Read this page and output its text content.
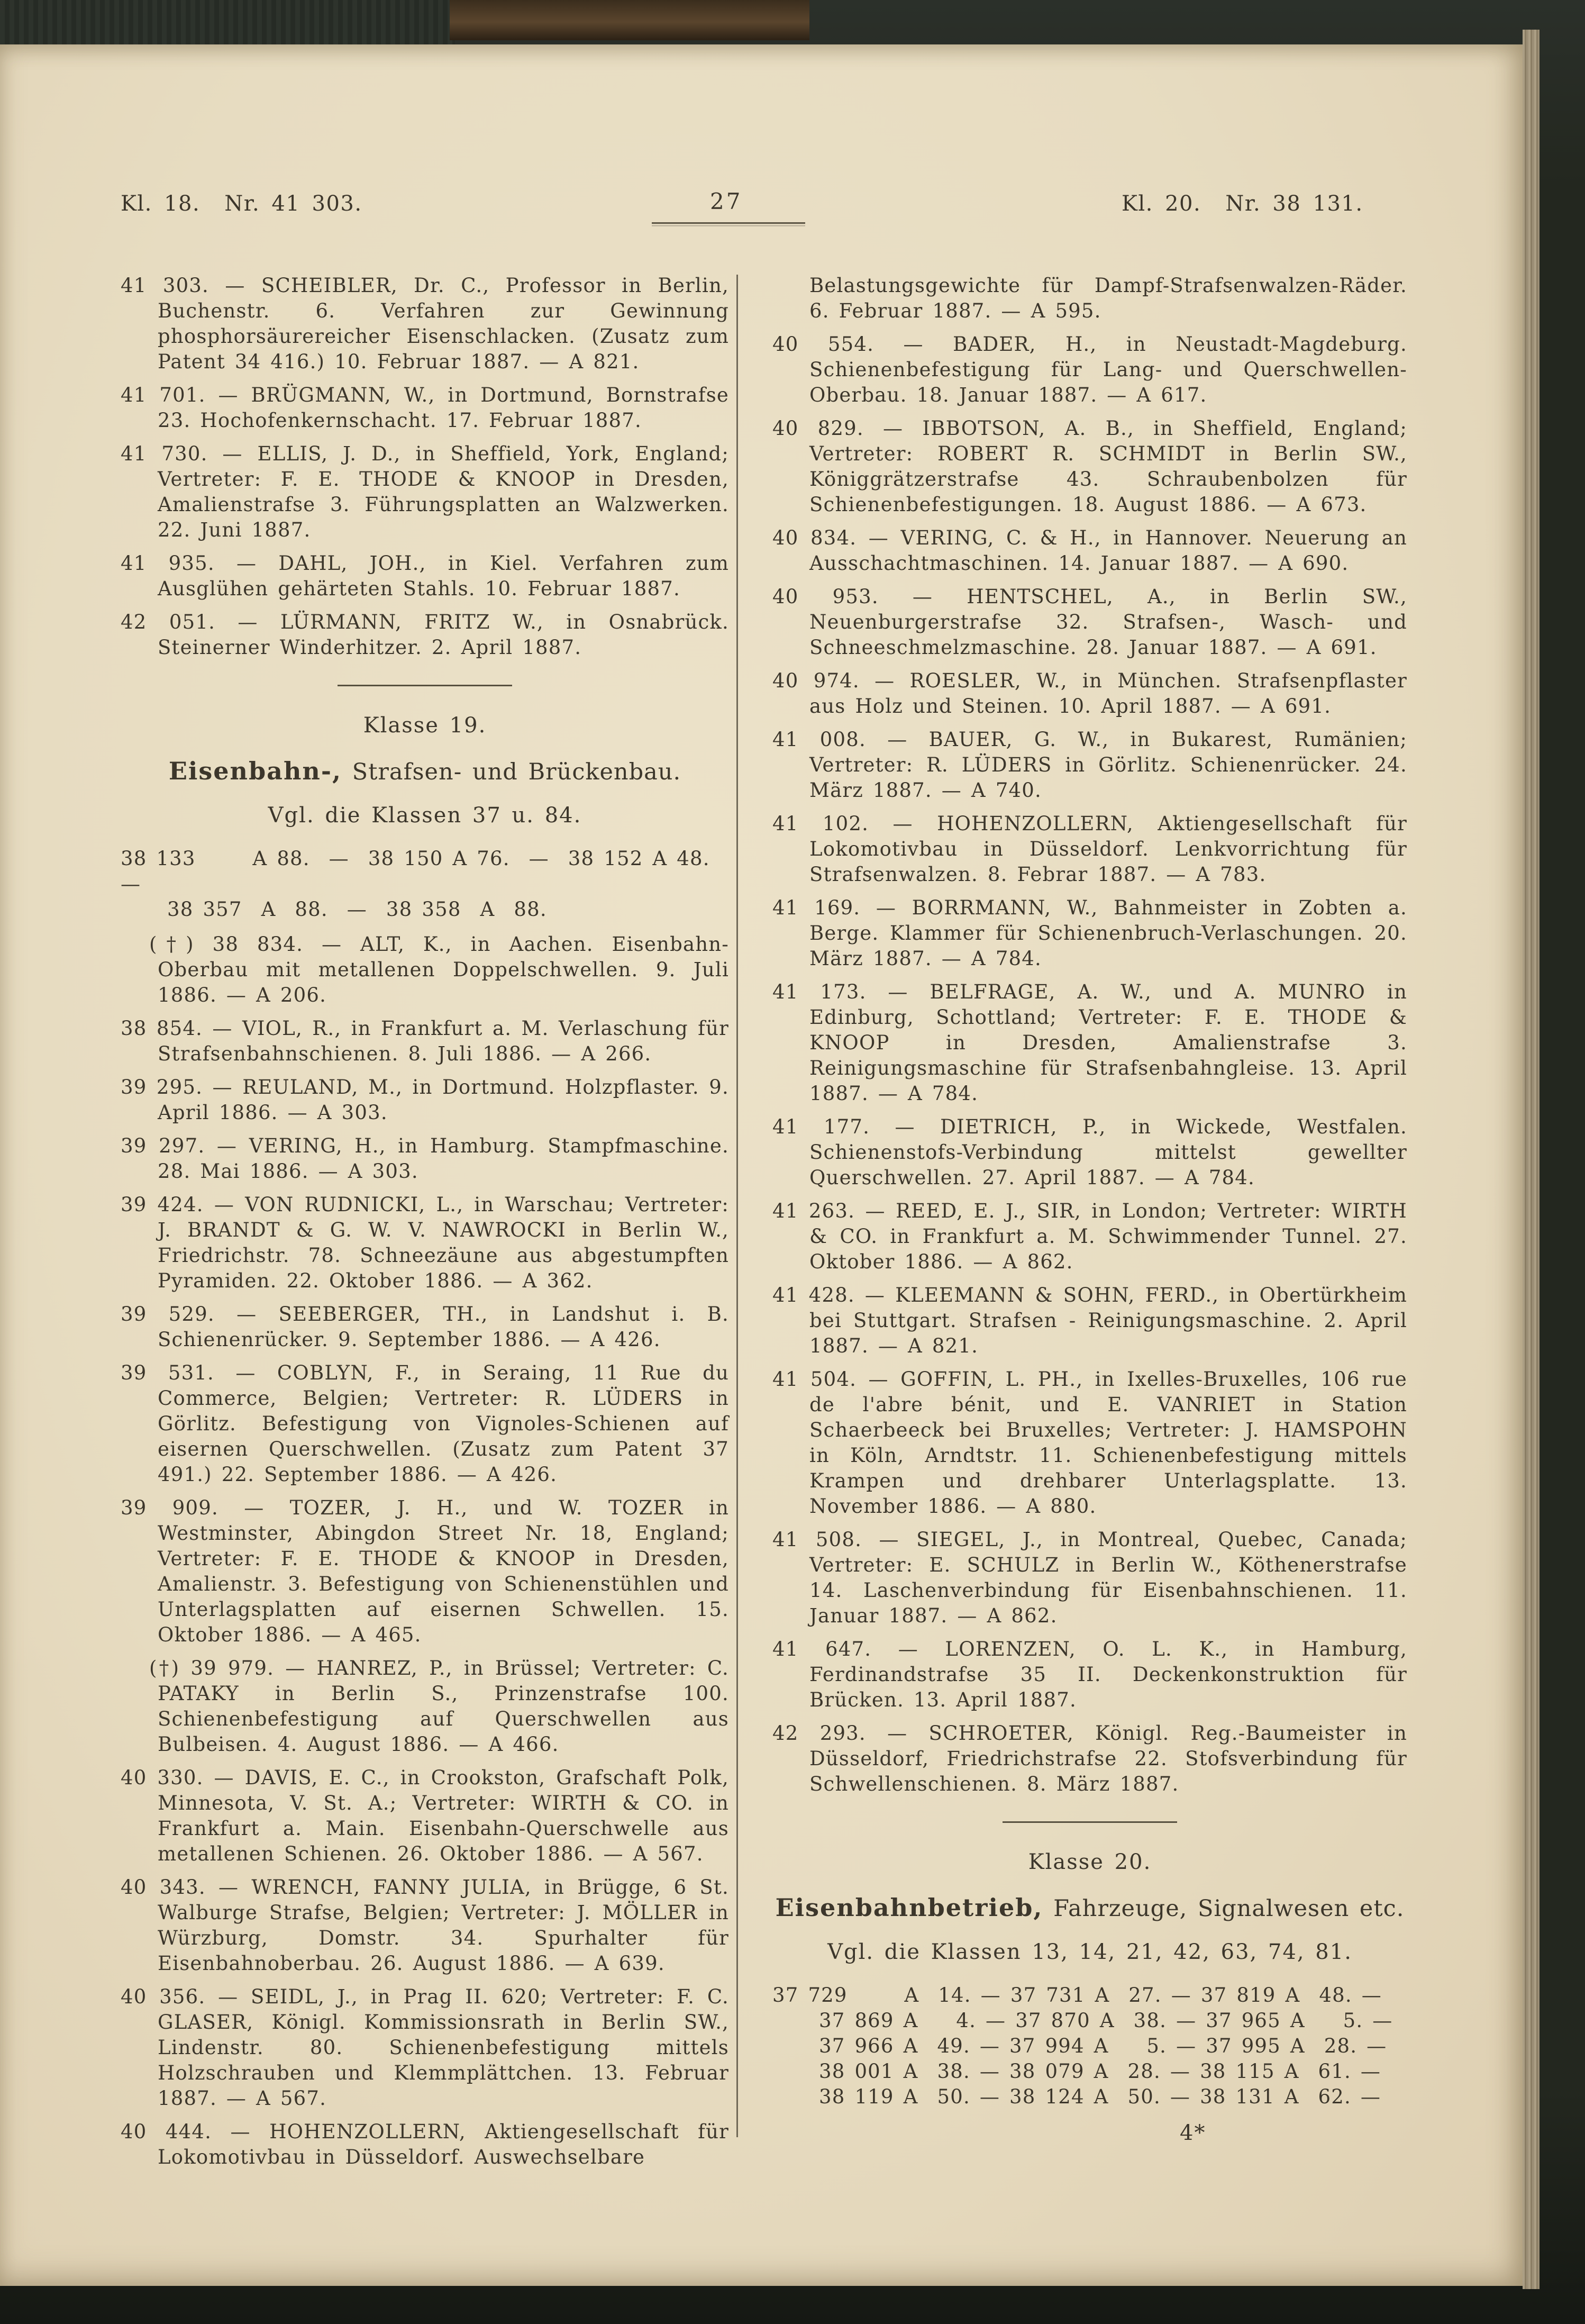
Kl. 18. Nr. 41 303.	27	Kl. 20. Nr. 38 131.

41 303. — SCHEIBLER, Dr. C., Professor in Berlin, Buchenstr. 6. Verfahren zur Gewinnung phosphorsäurereicher Eisenschlacken. (Zusatz zum Patent 34 416.) 10. Februar 1887. — A 821.

41 701. — BRÜGMANN, W., in Dortmund, Bornstrafse 23. Hochofenkernschacht. 17. Februar 1887.

41 730. — ELLIS, J. D., in Sheffield, York, England; Vertreter: F. E. THODE & KNOOP in Dresden, Amalienstrafse 3. Führungsplatten an Walzwerken. 22. Juni 1887.

41 935. — DAHL, JOH., in Kiel. Verfahren zum Ausglühen gehärteten Stahls. 10. Februar 1887.

42 051. — LÜRMANN, FRITZ W., in Osnabrück. Steinerner Winderhitzer. 2. April 1887.

Klasse 19.
Eisenbahn-, Strafsen- und Brückenbau.
Vgl. die Klassen 37 u. 84.
38 133      A 88.  —  38 150 A 76.  —  38 152 A 48. —
38 357  A  88.  —  38 358  A  88.

(†) 38 834. — ALT, K., in Aachen. Eisenbahn-Oberbau mit metallenen Doppelschwellen. 9. Juli 1886. — A 206.

38 854. — VIOL, R., in Frankfurt a. M. Verlaschung für Strafsenbahnschienen. 8. Juli 1886. — A 266.

39 295. — REULAND, M., in Dortmund. Holzpflaster. 9. April 1886. — A 303.

39 297. — VERING, H., in Hamburg. Stampfmaschine. 28. Mai 1886. — A 303.

39 424. — VON RUDNICKI, L., in Warschau; Vertreter: J. BRANDT & G. W. V. NAWROCKI in Berlin W., Friedrichstr. 78. Schneezäune aus abgestumpften Pyramiden. 22. Oktober 1886. — A 362.

39 529. — SEEBERGER, TH., in Landshut i. B. Schienenrücker. 9. September 1886. — A 426.

39 531. — COBLYN, F., in Seraing, 11 Rue du Commerce, Belgien; Vertreter: R. LÜDERS in Görlitz. Befestigung von Vignoles-Schienen auf eisernen Querschwellen. (Zusatz zum Patent 37 491.) 22. September 1886. — A 426.

39 909. — TOZER, J. H., und W. TOZER in Westminster, Abingdon Street Nr. 18, England; Vertreter: F. E. THODE & KNOOP in Dresden, Amalienstr. 3. Befestigung von Schienenstühlen und Unterlagsplatten auf eisernen Schwellen. 15. Oktober 1886. — A 465.

(†) 39 979. — HANREZ, P., in Brüssel; Vertreter: C. PATAKY in Berlin S., Prinzenstrafse 100. Schienenbefestigung auf Querschwellen aus Bulbeisen. 4. August 1886. — A 466.

40 330. — DAVIS, E. C., in Crookston, Grafschaft Polk, Minnesota, V. St. A.; Vertreter: WIRTH & CO. in Frankfurt a. Main. Eisenbahn-Querschwelle aus metallenen Schienen. 26. Oktober 1886. — A 567.

40 343. — WRENCH, FANNY JULIA, in Brügge, 6 St. Walburge Strafse, Belgien; Vertreter: J. MÖLLER in Würzburg, Domstr. 34. Spurhalter für Eisenbahnoberbau. 26. August 1886. — A 639.

40 356. — SEIDL, J., in Prag II. 620; Vertreter: F. C. GLASER, Königl. Kommissionsrath in Berlin SW., Lindenstr. 80. Schienenbefestigung mittels Holzschrauben und Klemmplättchen. 13. Februar 1887. — A 567.

40 444. — HOHENZOLLERN, Aktiengesellschaft für Lokomotivbau in Düsseldorf. Auswechselbare

Belastungsgewichte für Dampf-Strafsenwalzen-Räder. 6. Februar 1887. — A 595.

40 554. — BADER, H., in Neustadt-Magdeburg. Schienenbefestigung für Lang- und Querschwellen-Oberbau. 18. Januar 1887. — A 617.

40 829. — IBBOTSON, A. B., in Sheffield, England; Vertreter: ROBERT R. SCHMIDT in Berlin SW., Königgrätzerstrafse 43. Schraubenbolzen für Schienenbefestigungen. 18. August 1886. — A 673.

40 834. — VERING, C. & H., in Hannover. Neuerung an Ausschachtmaschinen. 14. Januar 1887. — A 690.

40 953. — HENTSCHEL, A., in Berlin SW., Neuenburgerstrafse 32. Strafsen-, Wasch- und Schneeschmelzmaschine. 28. Januar 1887. — A 691.

40 974. — ROESLER, W., in München. Strafsenpflaster aus Holz und Steinen. 10. April 1887. — A 691.

41 008. — BAUER, G. W., in Bukarest, Rumänien; Vertreter: R. LÜDERS in Görlitz. Schienenrücker. 24. März 1887. — A 740.

41 102. — HOHENZOLLERN, Aktiengesellschaft für Lokomotivbau in Düsseldorf. Lenkvorrichtung für Strafsenwalzen. 8. Febrar 1887. — A 783.

41 169. — BORRMANN, W., Bahnmeister in Zobten a. Berge. Klammer für Schienenbruch-Verlaschungen. 20. März 1887. — A 784.

41 173. — BELFRAGE, A. W., und A. MUNRO in Edinburg, Schottland; Vertreter: F. E. THODE & KNOOP in Dresden, Amalienstrafse 3. Reinigungsmaschine für Strafsenbahngleise. 13. April 1887. — A 784.

41 177. — DIETRICH, P., in Wickede, Westfalen. Schienenstofs-Verbindung mittelst gewellter Querschwellen. 27. April 1887. — A 784.

41 263. — REED, E. J., SIR, in London; Vertreter: WIRTH & CO. in Frankfurt a. M. Schwimmender Tunnel. 27. Oktober 1886. — A 862.

41 428. — KLEEMANN & SOHN, FERD., in Obertürkheim bei Stuttgart. Strafsen - Reinigungsmaschine. 2. April 1887. — A 821.

41 504. — GOFFIN, L. PH., in Ixelles-Bruxelles, 106 rue de l'abre bénit, und E. VANRIET in Station Schaerbeeck bei Bruxelles; Vertreter: J. HAMSPOHN in Köln, Arndtstr. 11. Schienenbefestigung mittels Krampen und drehbarer Unterlagsplatte. 13. November 1886. — A 880.

41 508. — SIEGEL, J., in Montreal, Quebec, Canada; Vertreter: E. SCHULZ in Berlin W., Köthenerstrafse 14. Laschenverbindung für Eisenbahnschienen. 11. Januar 1887. — A 862.

41 647. — LORENZEN, O. L. K., in Hamburg, Ferdinandstrafse 35 II. Deckenkonstruktion für Brücken. 13. April 1887.

42 293. — SCHROETER, Königl. Reg.-Baumeister in Düsseldorf, Friedrichstrafse 22. Stofsverbindung für Schwellenschienen. 8. März 1887.

Klasse 20.
Eisenbahnbetrieb, Fahrzeuge, Signalwesen etc.
Vgl. die Klassen 13, 14, 21, 42, 63, 74, 81.
37 729      A  14. — 37 731 A  27. — 37 819 A  48. —
37 869 A    4. — 37 870 A  38. — 37 965 A    5. —
37 966 A  49. — 37 994 A    5. — 37 995 A  28. —
38 001 A  38. — 38 079 A  28. — 38 115 A  61. —
38 119 A  50. — 38 124 A  50. — 38 131 A  62. —
4*
